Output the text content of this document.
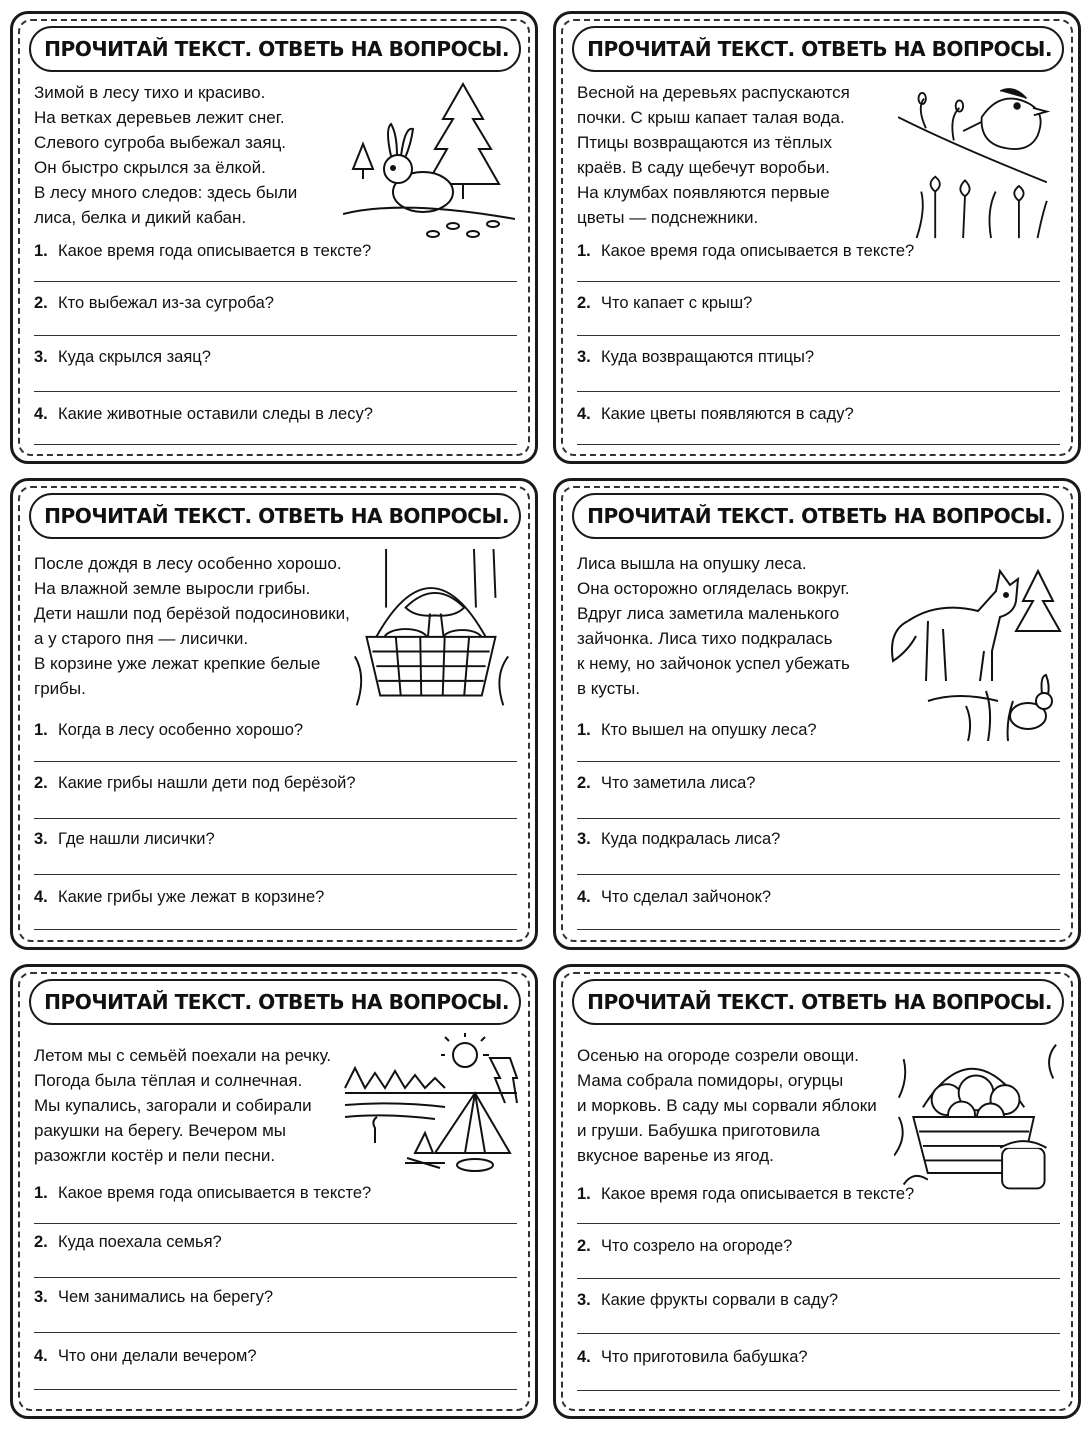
ПРОЧИТАЙ ТЕКСТ. ОТВЕТЬ НА ВОПРОСЫ.
Зимой в лесу тихо и красиво.
На ветках деревьев лежит снег.
Слевого сугроба выбежал заяц.
Он быстро скрылся за ёлкой.
В лесу много следов: здесь были
лиса, белка и дикий кабан.
1. Какое время года описывается в тексте?
2. Кто выбежал из-за сугроба?
3. Куда скрылся заяц?
4. Какие животные оставили следы в лесу?
ПРОЧИТАЙ ТЕКСТ. ОТВЕТЬ НА ВОПРОСЫ.
Весной на деревьях распускаются
почки. С крыш капает талая вода.
Птицы возвращаются из тёплых
краёв. В саду щебечут воробьи.
На клумбах появляются первые
цветы — подснежники.
1. Какое время года описывается в тексте?
2. Что капает с крыш?
3. Куда возвращаются птицы?
4. Какие цветы появляются в саду?
ПРОЧИТАЙ ТЕКСТ. ОТВЕТЬ НА ВОПРОСЫ.
После дождя в лесу особенно хорошо.
На влажной земле выросли грибы.
Дети нашли под берёзой подосиновики,
а у старого пня — лисички.
В корзине уже лежат крепкие белые
грибы.
1. Когда в лесу особенно хорошо?
2. Какие грибы нашли дети под берёзой?
3. Где нашли лисички?
4. Какие грибы уже лежат в корзине?
ПРОЧИТАЙ ТЕКСТ. ОТВЕТЬ НА ВОПРОСЫ.
Лиса вышла на опушку леса.
Она осторожно огляделась вокруг.
Вдруг лиса заметила маленького
зайчонка. Лиса тихо подкралась
к нему, но зайчонок успел убежать
в кусты.
1. Кто вышел на опушку леса?
2. Что заметила лиса?
3. Куда подкралась лиса?
4. Что сделал зайчонок?
ПРОЧИТАЙ ТЕКСТ. ОТВЕТЬ НА ВОПРОСЫ.
Летом мы с семьёй поехали на речку.
Погода была тёплая и солнечная.
Мы купались, загорали и собирали
ракушки на берегу. Вечером мы
разожгли костёр и пели песни.
1. Какое время года описывается в тексте?
2. Куда поехала семья?
3. Чем занимались на берегу?
4. Что они делали вечером?
ПРОЧИТАЙ ТЕКСТ. ОТВЕТЬ НА ВОПРОСЫ.
Осенью на огороде созрели овощи.
Мама собрала помидоры, огурцы
и морковь. В саду мы сорвали яблоки
и груши. Бабушка приготовила
вкусное варенье из ягод.
1. Какое время года описывается в тексте?
2. Что созрело на огороде?
3. Какие фрукты сорвали в саду?
4. Что приготовила бабушка?
